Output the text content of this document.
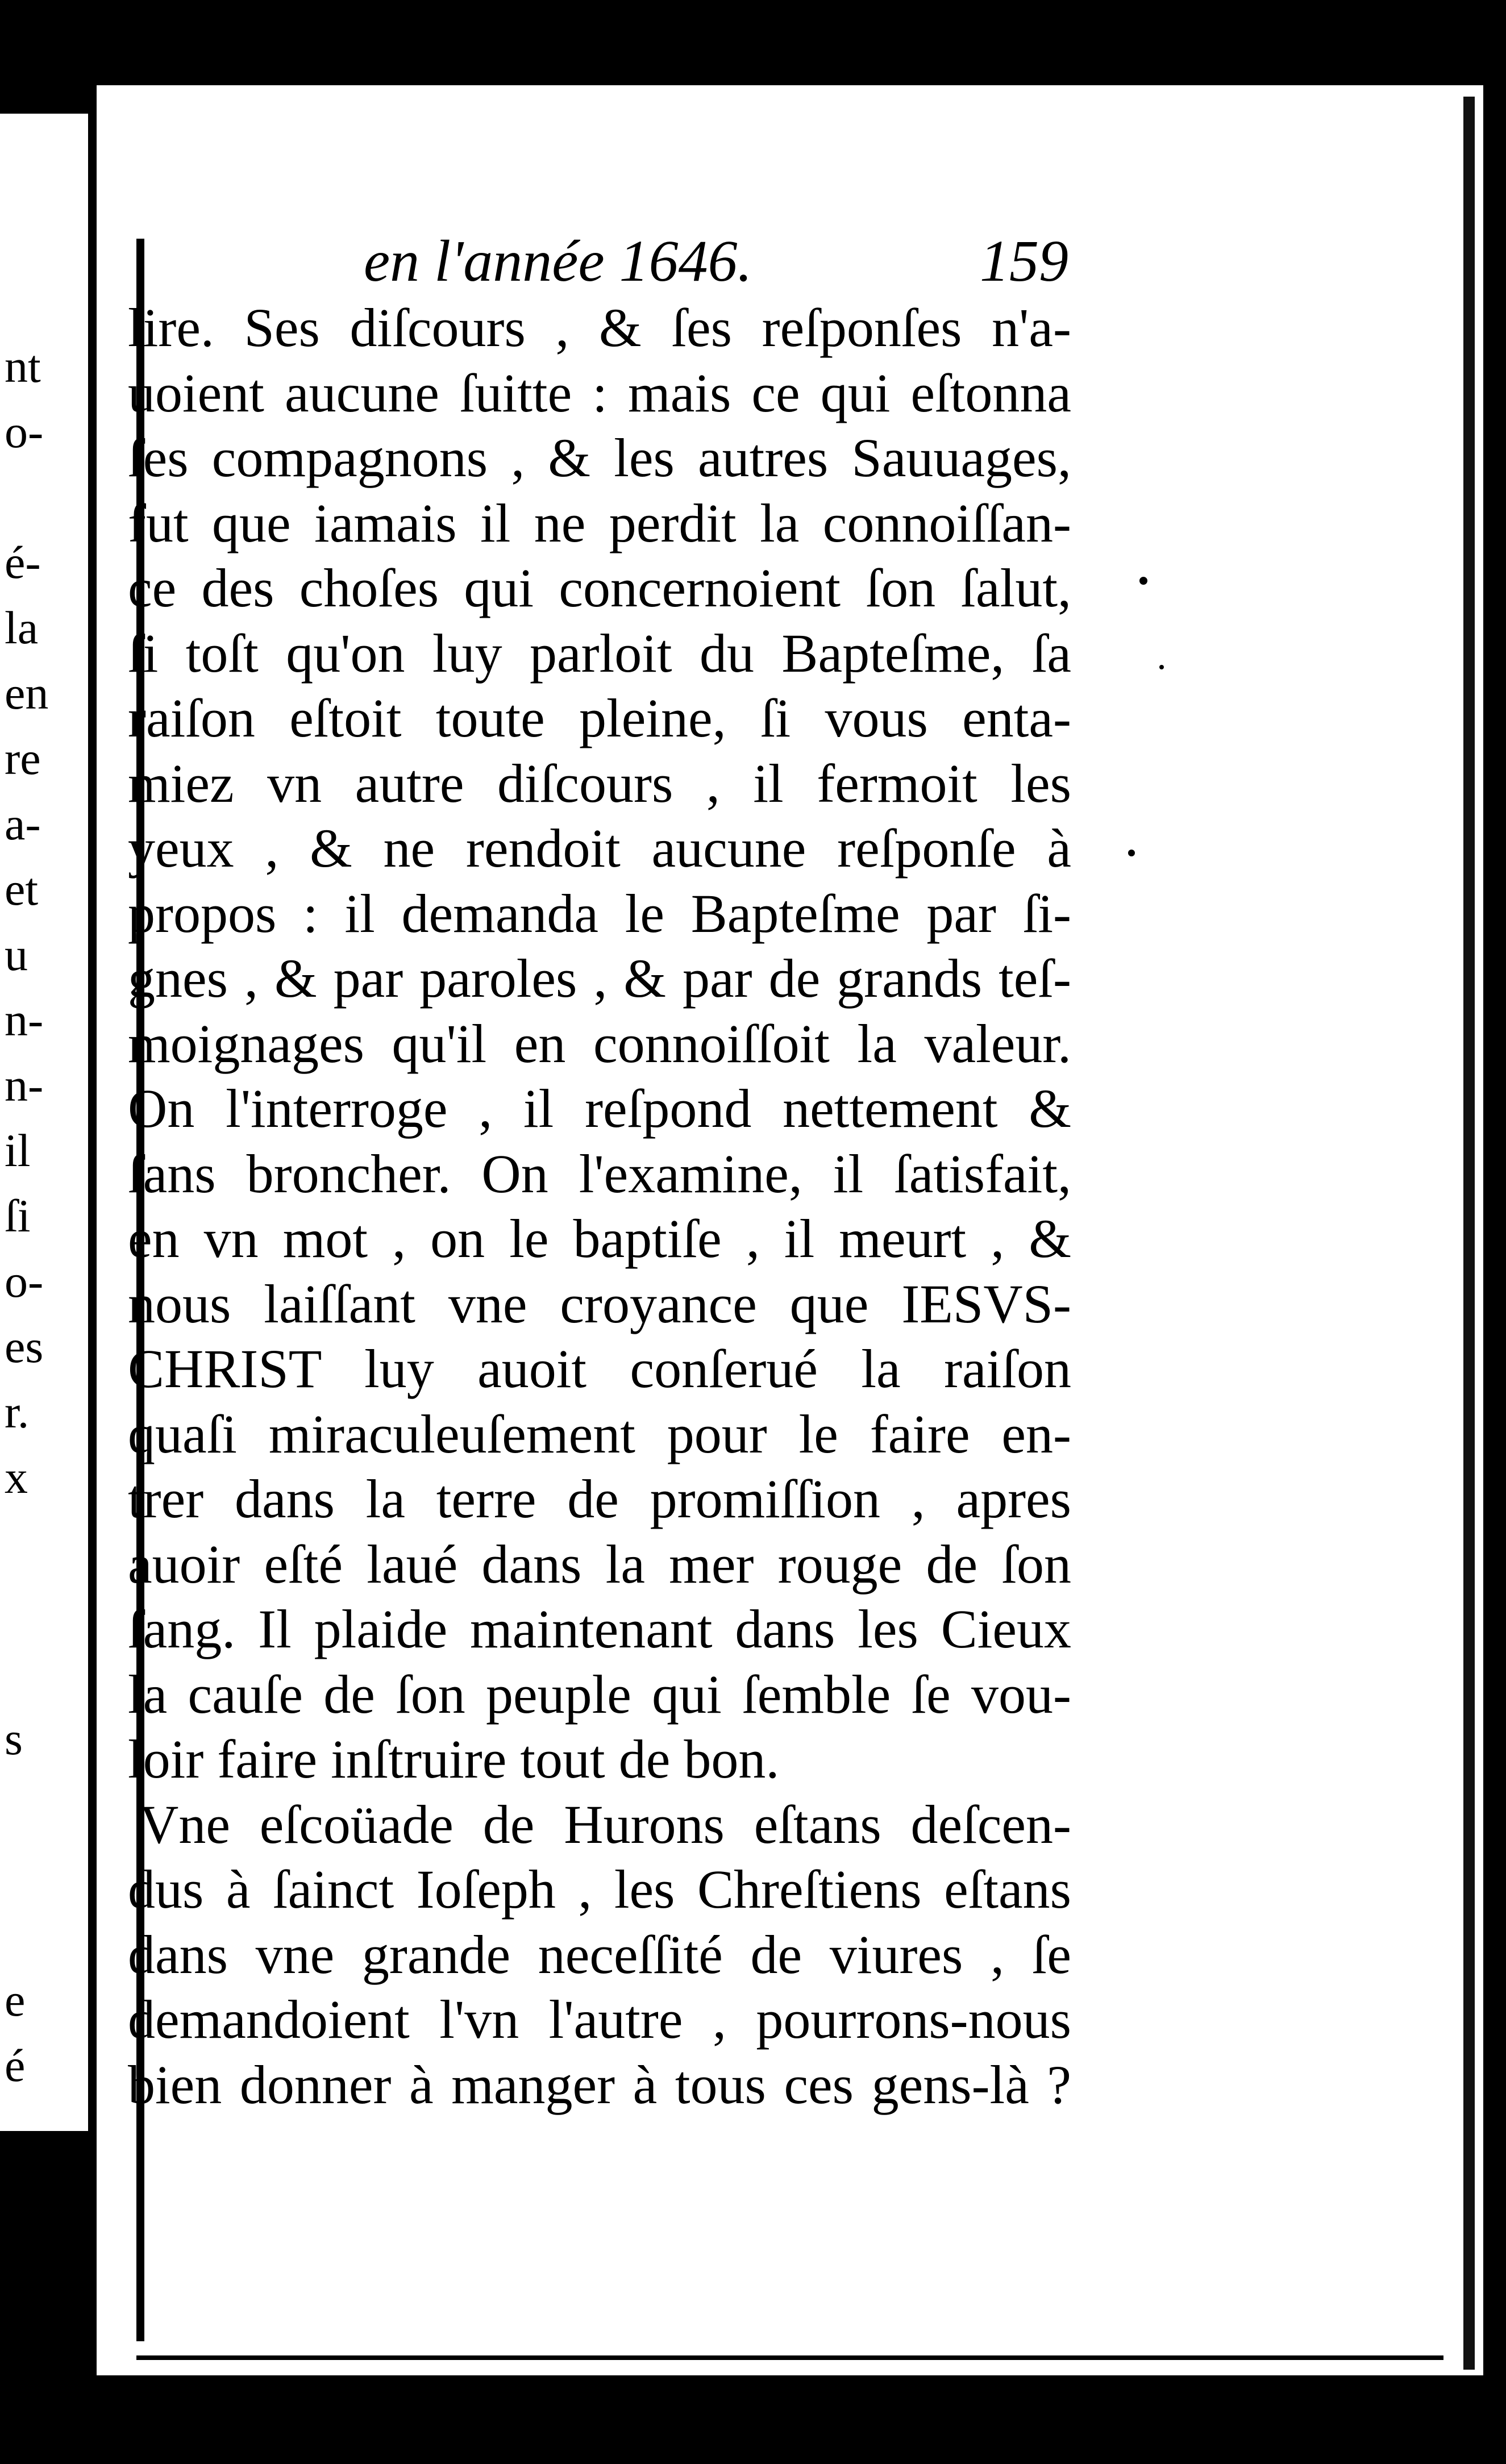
nt
o-
é-
la
en
re
a-
et
u
n-
n-
il
ſi
o-
es
r.
x
s
e
é
.
en l'année 1646.	159
lire. Ses diſcours , & ſes reſponſes n'a-
uoient aucune ſuitte : mais ce qui eſtonna
ſes compagnons , & les autres Sauuages,
fut que iamais il ne perdit la connoiſſan-
ce des choſes qui concernoient ſon ſalut,
ſi toſt qu'on luy parloit du Bapteſme, ſa
raiſon eſtoit toute pleine, ſi vous enta-
miez vn autre diſcours , il fermoit les
yeux , & ne rendoit aucune reſponſe à
propos : il demanda le Bapteſme par ſi-
gnes , & par paroles , & par de grands teſ-
moignages qu'il en connoiſſoit la valeur.
On l'interroge , il reſpond nettement &
ſans broncher. On l'examine, il ſatisfait,
en vn mot , on le baptiſe , il meurt , &
nous laiſſant vne croyance que IESVS-
CHRIST luy auoit conſerué la raiſon
quaſi miraculeuſement pour le faire en-
trer dans la terre de promiſſion , apres
auoir eſté laué dans la mer rouge de ſon
ſang. Il plaide maintenant dans les Cieux
la cauſe de ſon peuple qui ſemble ſe vou-
loir faire inſtruire tout de bon.
Vne eſcoüade de Hurons eſtans deſcen-
dus à ſainct Ioſeph , les Chreſtiens eſtans
dans vne grande neceſſité de viures , ſe
demandoient l'vn l'autre , pourrons-nous
bien donner à manger à tous ces gens-là ?
